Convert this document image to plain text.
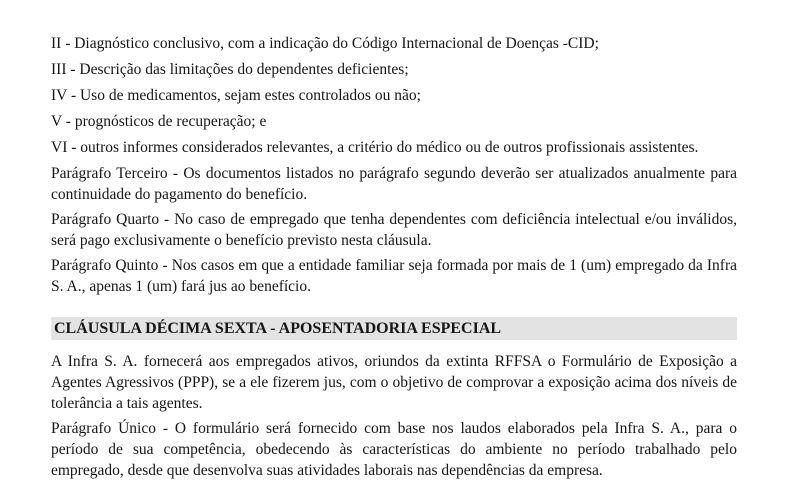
II - Diagnóstico conclusivo, com a indicação do Código Internacional de Doenças -CID;

III - Descrição das limitações do dependentes deficientes;

IV - Uso de medicamentos, sejam estes controlados ou não;

V - prognósticos de recuperação; e

VI - outros informes considerados relevantes, a critério do médico ou de outros profissionais assistentes.

Parágrafo Terceiro - Os documentos listados no parágrafo segundo deverão ser atualizados anualmente para continuidade do pagamento do benefício.

Parágrafo Quarto - No caso de empregado que tenha dependentes com deficiência intelectual e/ou inválidos, será pago exclusivamente o benefício previsto nesta cláusula.

Parágrafo Quinto - Nos casos em que a entidade familiar seja formada por mais de 1 (um) empregado da Infra S. A., apenas 1 (um) fará jus ao benefício.

CLÁUSULA DÉCIMA SEXTA - APOSENTADORIA ESPECIAL

A Infra S. A. fornecerá aos empregados ativos, oriundos da extinta RFFSA o Formulário de Exposição a Agentes Agressivos (PPP), se a ele fizerem jus, com o objetivo de comprovar a exposição acima dos níveis de tolerância a tais agentes.

Parágrafo Único - O formulário será fornecido com base nos laudos elaborados pela Infra S. A., para o período de sua competência, obedecendo às características do ambiente no período trabalhado pelo empregado, desde que desenvolva suas atividades laborais nas dependências da empresa.
